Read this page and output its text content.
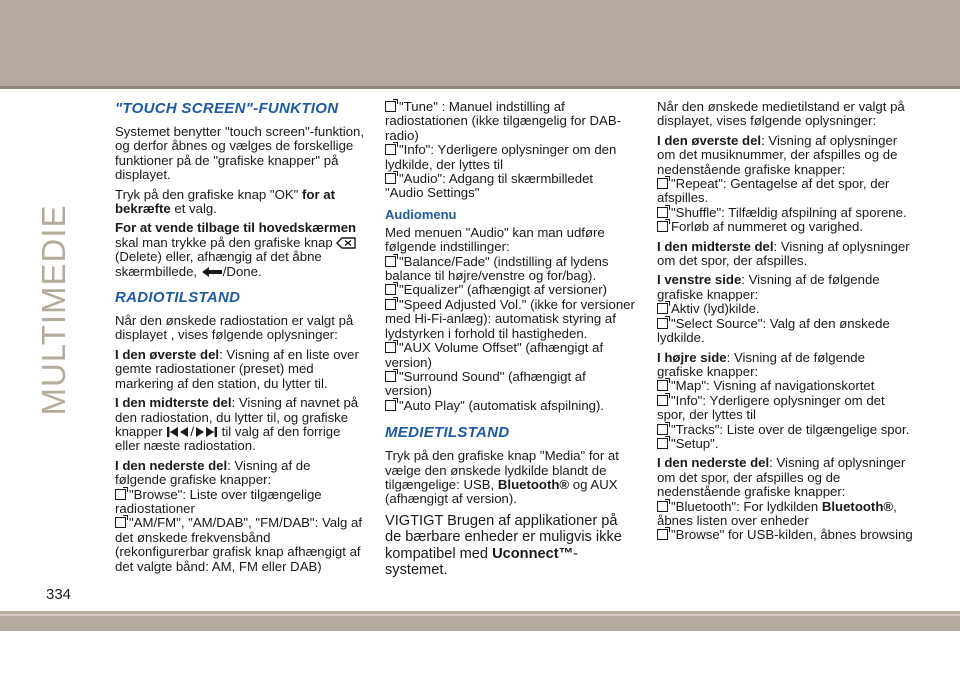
MULTIMEDIE
"TOUCH SCREEN"-FUNKTION

Systemet benytter "touch screen"-funktion, og derfor åbnes og vælges de forskellige funktioner på de "grafiske knapper" på displayet.

Tryk på den grafiske knap "OK" for at bekræfte et valg.

For at vende tilbage til hovedskærmen skal man trykke på den grafiske knap  (Delete) eller, afhængig af det åbne skærmbillede, /Done.

RADIOTILSTAND

Når den ønskede radiostation er valgt på displayet , vises følgende oplysninger:

I den øverste del: Visning af en liste over gemte radiostationer (preset) med markering af den station, du lytter til.

I den midterste del: Visning af navnet på den radiostation, du lytter til, og grafiske knapper / til valg af den forrige eller næste radiostation.

I den nederste del: Visning af de følgende grafiske knapper:

"Browse": Liste over tilgængelige radiostationer

"AM/FM", "AM/DAB", "FM/DAB": Valg af det ønskede frekvensbånd (rekonfigurerbar grafisk knap afhængigt af det valgte bånd: AM, FM eller DAB)

"Tune" : Manuel indstilling af radiostationen (ikke tilgængelig for DAB-radio)

"Info": Yderligere oplysninger om den lydkilde, der lyttes til

"Audio": Adgang til skærmbilledet "Audio Settings"

Audiomenu

Med menuen "Audio" kan man udføre følgende indstillinger:

"Balance/Fade" (indstilling af lydens balance til højre/venstre og for/bag).

"Equalizer" (afhængigt af versioner)

"Speed Adjusted Vol." (ikke for versioner med Hi-Fi-anlæg): automatisk styring af lydstyrken i forhold til hastigheden.

"AUX Volume Offset" (afhængigt af version)

"Surround Sound" (afhængigt af version)

"Auto Play" (automatisk afspilning).

MEDIETILSTAND

Tryk på den grafiske knap "Media" for at vælge den ønskede lydkilde blandt de tilgængelige: USB, Bluetooth® og AUX (afhængigt af version).

VIGTIGT Brugen af applikationer på de bærbare enheder er muligvis ikke kompatibel med Uconnect™-systemet.

Når den ønskede medietilstand er valgt på displayet, vises følgende oplysninger:

I den øverste del: Visning af oplysninger om det musiknummer, der afspilles og de nedenstående grafiske knapper:

"Repeat": Gentagelse af det spor, der afspilles.

"Shuffle": Tilfældig afspilning af sporene.

Forløb af nummeret og varighed.

I den midterste del: Visning af oplysninger om det spor, der afspilles.

I venstre side: Visning af de følgende grafiske knapper:

Aktiv (lyd)kilde.

"Select Source": Valg af den ønskede lydkilde.

I højre side: Visning af de følgende grafiske knapper:

"Map": Visning af navigationskortet

"Info": Yderligere oplysninger om det spor, der lyttes til

"Tracks": Liste over de tilgængelige spor.

"Setup".

I den nederste del: Visning af oplysninger om det spor, der afspilles og de nedenstående grafiske knapper:

"Bluetooth": For lydkilden Bluetooth®, åbnes listen over enheder

"Browse" for USB-kilden, åbnes browsing

334
